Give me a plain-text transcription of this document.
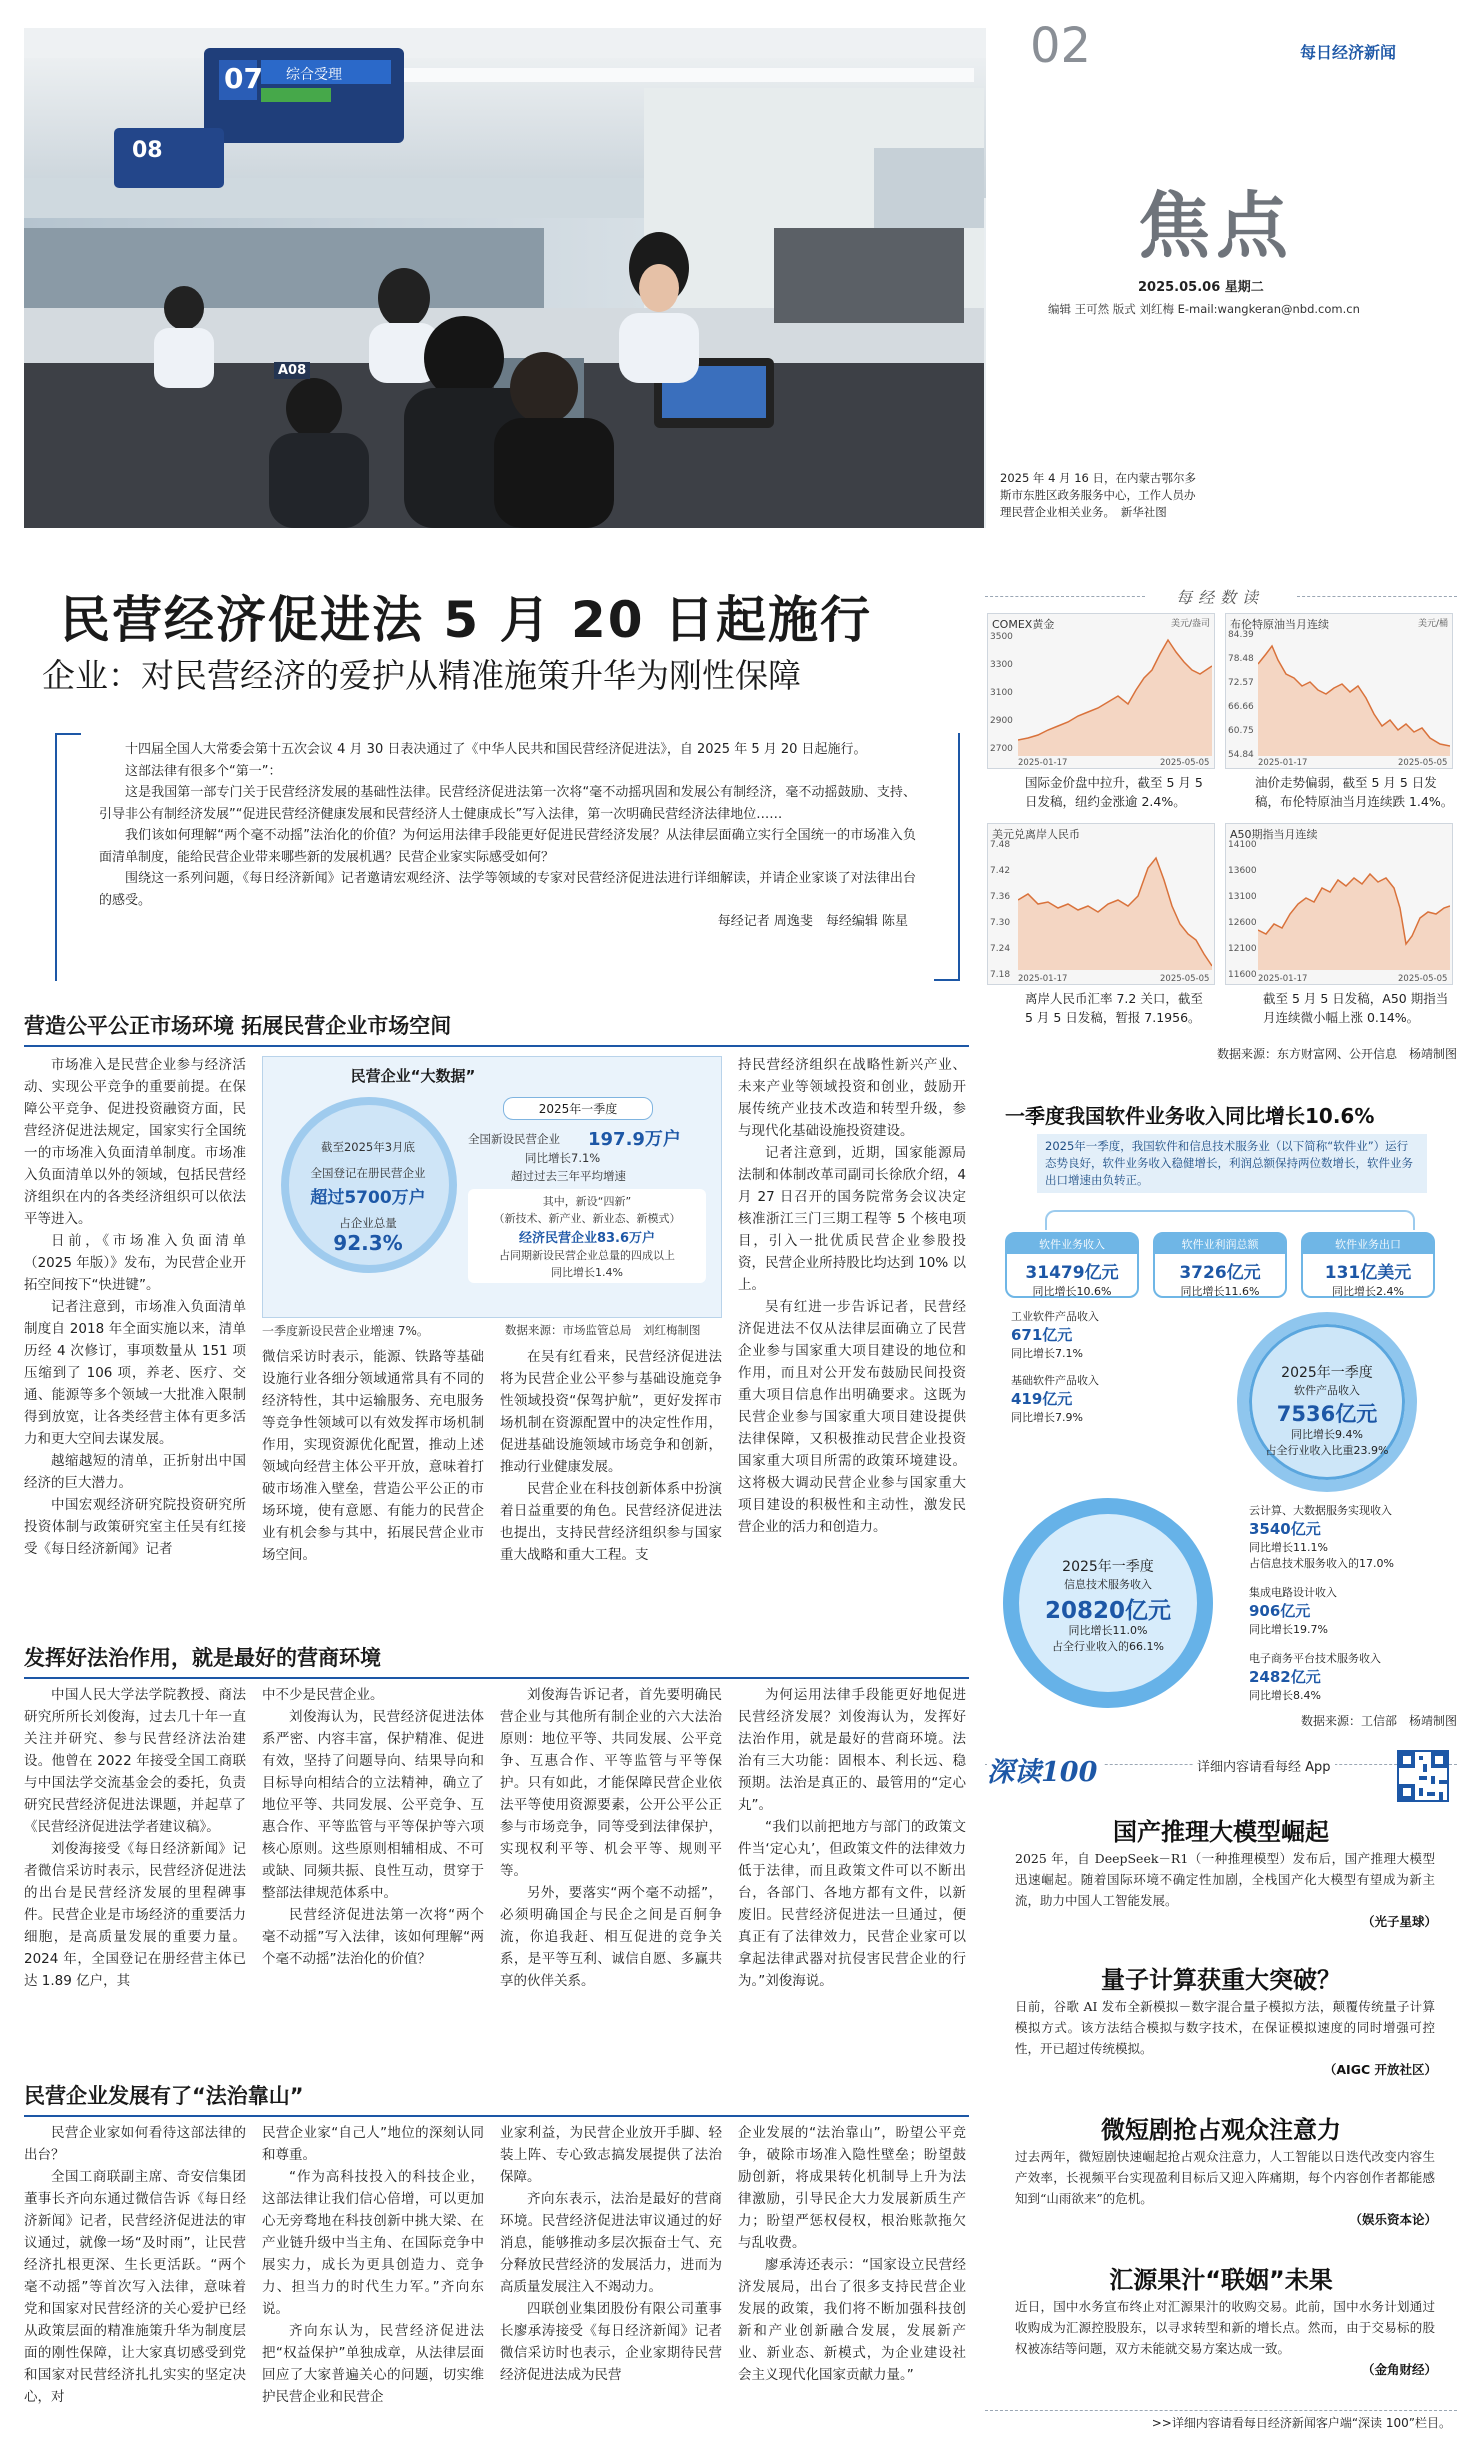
02	每日经济新闻
焦点
2025.05.06 星期二
编辑 王可然 版式 刘红梅 E-mail:wangkeran@nbd.com.cn
07 综合受理
08
A08
2025 年 4 月 16 日，在内蒙古鄂尔多斯市东胜区政务服务中心，工作人员办理民营企业相关业务。　新华社图
民营经济促进法 5 月 20 日起施行
企业：对民营经济的爱护从精准施策升华为刚性保障

十四届全国人大常委会第十五次会议 4 月 30 日表决通过了《中华人民共和国民营经济促进法》，自 2025 年 5 月 20 日起施行。

这部法律有很多个“第一”：

这是我国第一部专门关于民营经济发展的基础性法律。民营经济促进法第一次将“毫不动摇巩固和发展公有制经济，毫不动摇鼓励、支持、引导非公有制经济发展”“促进民营经济健康发展和民营经济人士健康成长”写入法律，第一次明确民营经济法律地位……

我们该如何理解“两个毫不动摇”法治化的价值？为何运用法律手段能更好促进民营经济发展？从法律层面确立实行全国统一的市场准入负面清单制度，能给民营企业带来哪些新的发展机遇？民营企业家实际感受如何？

围绕这一系列问题，《每日经济新闻》记者邀请宏观经济、法学等领域的专家对民营经济促进法进行详细解读，并请企业家谈了对法律出台的感受。

每经记者 周逸斐　每经编辑 陈星
营造公平公正市场环境 拓展民营企业市场空间

市场准入是民营企业参与经济活动、实现公平竞争的重要前提。在保障公平竞争、促进投资融资方面，民营经济促进法规定，国家实行全国统一的市场准入负面清单制度。市场准入负面清单以外的领域，包括民营经济组织在内的各类经济组织可以依法平等进入。

日前，《市场准入负面清单（2025 年版）》发布，为民营企业开拓空间按下“快进键”。

记者注意到，市场准入负面清单制度自 2018 年全面实施以来，清单历经 4 次修订，事项数量从 151 项压缩到了 106 项，养老、医疗、交通、能源等多个领域一大批准入限制得到放宽，让各类经营主体有更多活力和更大空间去谋发展。

越缩越短的清单，正折射出中国经济的巨大潜力。

中国宏观经济研究院投资研究所投资体制与政策研究室主任吴有红接受《每日经济新闻》记者

民营企业“大数据”
截至2025年3月底
全国登记在册民营企业
超过5700万户
占企业总量
92.3%
2025年一季度
全国新设民营企业 197.9万户
同比增长7.1%
超过过去三年平均增速
其中，新设“四新”
（新技术、新产业、新业态、新模式）
经济民营企业83.6万户
占同期新设民营企业总量的四成以上
同比增长1.4%
一季度新设民营企业增速 7%。	数据来源：市场监管总局　刘红梅制图

微信采访时表示，能源、铁路等基础设施行业各细分领域通常具有不同的经济特性，其中运输服务、充电服务等竞争性领域可以有效发挥市场机制作用，实现资源优化配置，推动上述领域向经营主体公平开放，意味着打破市场准入壁垒，营造公平公正的市场环境，使有意愿、有能力的民营企业有机会参与其中，拓展民营企业市场空间。

在吴有红看来，民营经济促进法将为民营企业公平参与基础设施竞争性领域投资“保驾护航”，更好发挥市场机制在资源配置中的决定性作用，促进基础设施领域市场竞争和创新，推动行业健康发展。

民营企业在科技创新体系中扮演着日益重要的角色。民营经济促进法也提出，支持民营经济组织参与国家重大战略和重大工程。支

持民营经济组织在战略性新兴产业、未来产业等领域投资和创业，鼓励开展传统产业技术改造和转型升级，参与现代化基础设施投资建设。

记者注意到，近期，国家能源局法制和体制改革司副司长徐欣介绍，4 月 27 日召开的国务院常务会议决定核准浙江三门三期工程等 5 个核电项目，引入一批优质民营企业参股投资，民营企业所持股比均达到 10% 以上。

吴有红进一步告诉记者，民营经济促进法不仅从法律层面确立了民营企业参与国家重大项目建设的地位和作用，而且对公开发布鼓励民间投资重大项目信息作出明确要求。这既为民营企业参与国家重大项目建设提供法律保障，又积极推动民营企业投资国家重大项目所需的政策环境建设。这将极大调动民营企业参与国家重大项目建设的积极性和主动性，激发民营企业的活力和创造力。

发挥好法治作用，就是最好的营商环境

中国人民大学法学院教授、商法研究所所长刘俊海，过去几十年一直关注并研究、参与民营经济法治建设。他曾在 2022 年接受全国工商联与中国法学交流基金会的委托，负责研究民营经济促进法课题，并起草了《民营经济促进法学者建议稿》。

刘俊海接受《每日经济新闻》记者微信采访时表示，民营经济促进法的出台是民营经济发展的里程碑事件。民营企业是市场经济的重要活力细胞，是高质量发展的重要力量。2024 年，全国登记在册经营主体已达 1.89 亿户，其

中不少是民营企业。

刘俊海认为，民营经济促进法体系严密、内容丰富，保护精准、促进有效，坚持了问题导向、结果导向和目标导向相结合的立法精神，确立了地位平等、共同发展、公平竞争、互惠合作、平等监管与平等保护等六项核心原则。这些原则相辅相成、不可或缺、同频共振、良性互动，贯穿于整部法律规范体系中。

民营经济促进法第一次将“两个毫不动摇”写入法律，该如何理解“两个毫不动摇”法治化的价值？

刘俊海告诉记者，首先要明确民营企业与其他所有制企业的六大法治原则：地位平等、共同发展、公平竞争、互惠合作、平等监管与平等保护。只有如此，才能保障民营企业依法平等使用资源要素，公开公平公正参与市场竞争，同等受到法律保护，实现权利平等、机会平等、规则平等。

另外，要落实“两个毫不动摇”，必须明确国企与民企之间是百舸争流，你追我赶、相互促进的竞争关系，是平等互利、诚信自愿、多赢共享的伙伴关系。

为何运用法律手段能更好地促进民营经济发展？刘俊海认为，发挥好法治作用，就是最好的营商环境。法治有三大功能：固根本、利长远、稳预期。法治是真正的、最管用的“定心丸”。

“我们以前把地方与部门的政策文件当‘定心丸’，但政策文件的法律效力低于法律，而且政策文件可以不断出台，各部门、各地方都有文件，以新废旧。民营经济促进法一旦通过，便真正有了法律效力，民营企业家可以拿起法律武器对抗侵害民营企业的行为。”刘俊海说。

民营企业发展有了“法治靠山”

民营企业家如何看待这部法律的出台？

全国工商联副主席、奇安信集团董事长齐向东通过微信告诉《每日经济新闻》记者，民营经济促进法的审议通过，就像一场“及时雨”，让民营经济扎根更深、生长更活跃。“两个毫不动摇”等首次写入法律，意味着党和国家对民营经济的关心爱护已经从政策层面的精准施策升华为制度层面的刚性保障，让大家真切感受到党和国家对民营经济扎扎实实的坚定决心，对

民营企业家“自己人”地位的深刻认同和尊重。

“作为高科技投入的科技企业，这部法律让我们信心倍增，可以更加心无旁骛地在科技创新中挑大梁、在产业链升级中当主角、在国际竞争中展实力，成长为更具创造力、竞争力、担当力的时代生力军。”齐向东说。

齐向东认为，民营经济促进法把“权益保护”单独成章，从法律层面回应了大家普遍关心的问题，切实维护民营企业和民营企

业家利益，为民营企业放开手脚、轻装上阵、专心致志搞发展提供了法治保障。

齐向东表示，法治是最好的营商环境。民营经济促进法审议通过的好消息，能够推动多层次振奋士气、充分释放民营经济的发展活力，进而为高质量发展注入不竭动力。

四联创业集团股份有限公司董事长廖承涛接受《每日经济新闻》记者微信采访时也表示，企业家期待民营经济促进法成为民营

企业发展的“法治靠山”，盼望公平竞争，破除市场准入隐性壁垒；盼望鼓励创新，将成果转化机制导上升为法律激励，引导民企大力发展新质生产力；盼望严惩权侵权，根治账款拖欠与乱收费。

廖承涛还表示：“国家设立民营经济发展局，出台了很多支持民营企业发展的政策，我们将不断加强科技创新和产业创新融合发展，发展新产业、新业态、新模式，为企业建设社会主义现代化国家贡献力量。”

每经数读
COMEX黄金	美元/盎司
3500
3300
3100
2900
2700
2025-01-17	2025-05-05
国际金价盘中拉升，截至 5 月 5 日发稿，纽约金涨逾 2.4%。
布伦特原油当月连续	美元/桶
84.39
78.48
72.57
66.66
60.75
54.84
2025-01-17	2025-05-05
油价走势偏弱，截至 5 月 5 日发稿，布伦特原油当月连续跌 1.4%。
美元兑离岸人民币
7.48
7.42
7.36
7.30
7.24
7.18 2025-01-17	2025-05-05
离岸人民币汇率 7.2 关口，截至 5 月 5 日发稿，暂报 7.1956。
A50期指当月连续
14100
13600
13100
12600
12100
11600 2025-01-17	2025-05-05
截至 5 月 5 日发稿，A50 期指当月连续微小幅上涨 0.14%。
数据来源：东方财富网、公开信息　杨靖制图
一季度我国软件业务收入同比增长10.6%
2025年一季度，我国软件和信息技术服务业（以下简称“软件业”）运行态势良好，软件业务收入稳健增长，利润总额保持两位数增长，软件业务出口增速由负转正。
软件业务收入
31479亿元
同比增长10.6%
软件业利润总额
3726亿元
同比增长11.6%
软件业务出口
131亿美元
同比增长2.4%
工业软件产品收入
671亿元
同比增长7.1%
基础软件产品收入
419亿元
同比增长7.9%
2025年一季度
软件产品收入
7536亿元
同比增长9.4%
占全行业收入比重23.9%
2025年一季度
信息技术服务收入
20820亿元
同比增长11.0%
占全行业收入的66.1%
云计算、大数据服务实现收入
3540亿元
同比增长11.1%
占信息技术服务收入的17.0%
集成电路设计收入
906亿元
同比增长19.7%
电子商务平台技术服务收入
2482亿元
同比增长8.4%
数据来源：工信部　杨靖制图
深读100	详细内容请看每经 App
国产推理大模型崛起
2025 年，自 DeepSeek－R1（一种推理模型）发布后，国产推理大模型迅速崛起。随着国际环境不确定性加剧，全栈国产化大模型有望成为新主流，助力中国人工智能发展。
（光子星球）
量子计算获重大突破？
日前，谷歌 AI 发布全新模拟－数字混合量子模拟方法，颠覆传统量子计算模拟方式。该方法结合模拟与数字技术，在保证模拟速度的同时增强可控性，开已超过传统模拟。
（AIGC 开放社区）
微短剧抢占观众注意力
过去两年，微短剧快速崛起抢占观众注意力，人工智能以日迭代改变内容生产效率，长视频平台实现盈利目标后又迎入阵痛期，每个内容创作者都能感知到“山雨欲来”的危机。
（娱乐资本论）
汇源果汁“联姻”未果
近日，国中水务宣布终止对汇源果汁的收购交易。此前，国中水务计划通过收购成为汇源控股股东，以寻求转型和新的增长点。然而，由于交易标的股权被冻结等问题，双方未能就交易方案达成一致。
（金角财经）
>>详细内容请看每日经济新闻客户端“深读 100”栏目。
